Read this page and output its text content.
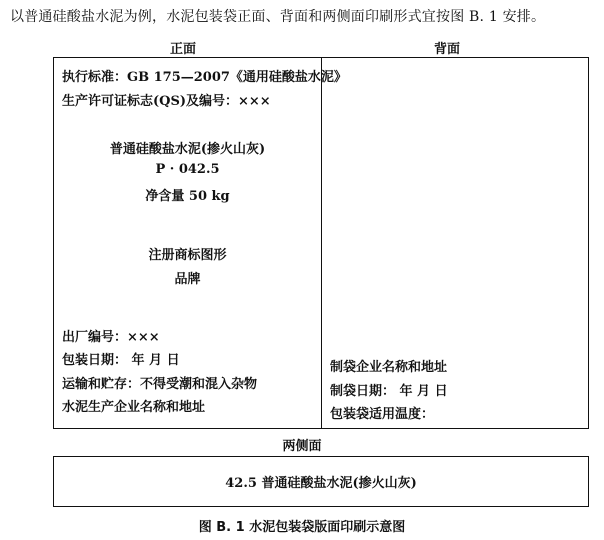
以普通硅酸盐水泥为例，水泥包装袋正面、背面和两侧面印刷形式宜按图 B. 1 安排。
正面	背面
执行标准：GB 175—2007《通用硅酸盐水泥》
生产许可证标志(QS)及编号：×××
普通硅酸盐水泥(掺火山灰)
P · 042.5
净含量 50 kg
注册商标图形
品牌
出厂编号：×××
包装日期： 年 月 日
运输和贮存：不得受潮和混入杂物
水泥生产企业名称和地址
制袋企业名称和地址
制袋日期： 年 月 日
包装袋适用温度：
两侧面
42.5 普通硅酸盐水泥(掺火山灰)
图 B. 1 水泥包装袋版面印刷示意图
